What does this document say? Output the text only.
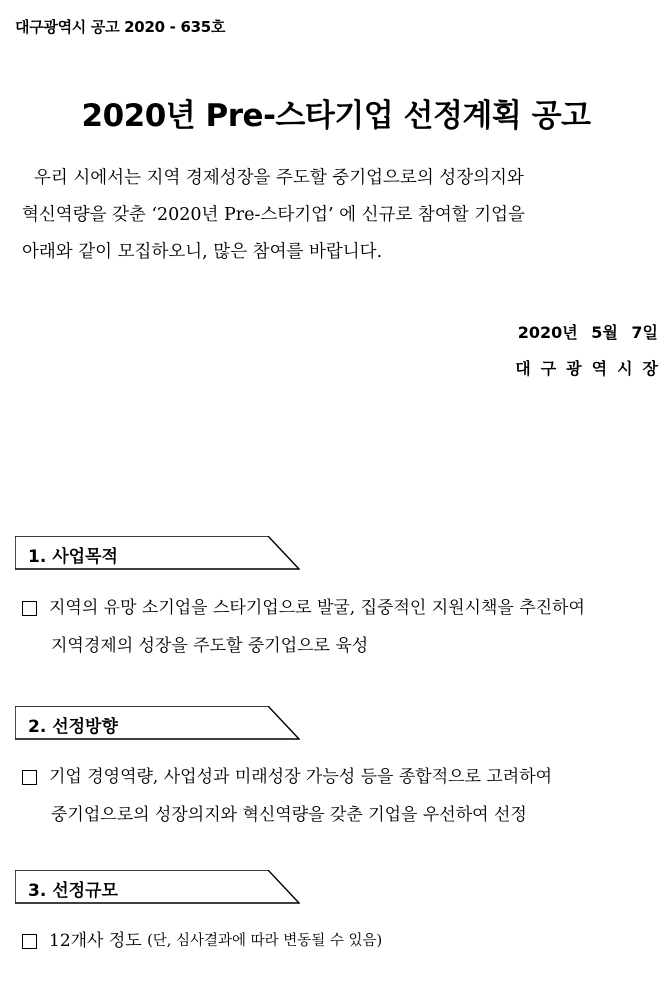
대구광역시 공고 2020 - 635호
2020년 Pre-스타기업 선정계획 공고

우리 시에서는 지역 경제성장을 주도할 중기업으로의 성장의지와

혁신역량을 갖춘 ‘2020년 Pre-스타기업’ 에 신규로 참여할 기업을

아래와 같이 모집하오니, 많은 참여를 바랍니다.

2020년 5월 7일
대구광역시장
1. 사업목적
지역의 유망 소기업을 스타기업으로 발굴, 집중적인 지원시책을 추진하여
지역경제의 성장을 주도할 중기업으로 육성
2. 선정방향
기업 경영역량, 사업성과 미래성장 가능성 등을 종합적으로 고려하여
중기업으로의 성장의지와 혁신역량을 갖춘 기업을 우선하여 선정
3. 선정규모
12개사 정도
(단, 심사결과에 따라 변동될 수 있음)
